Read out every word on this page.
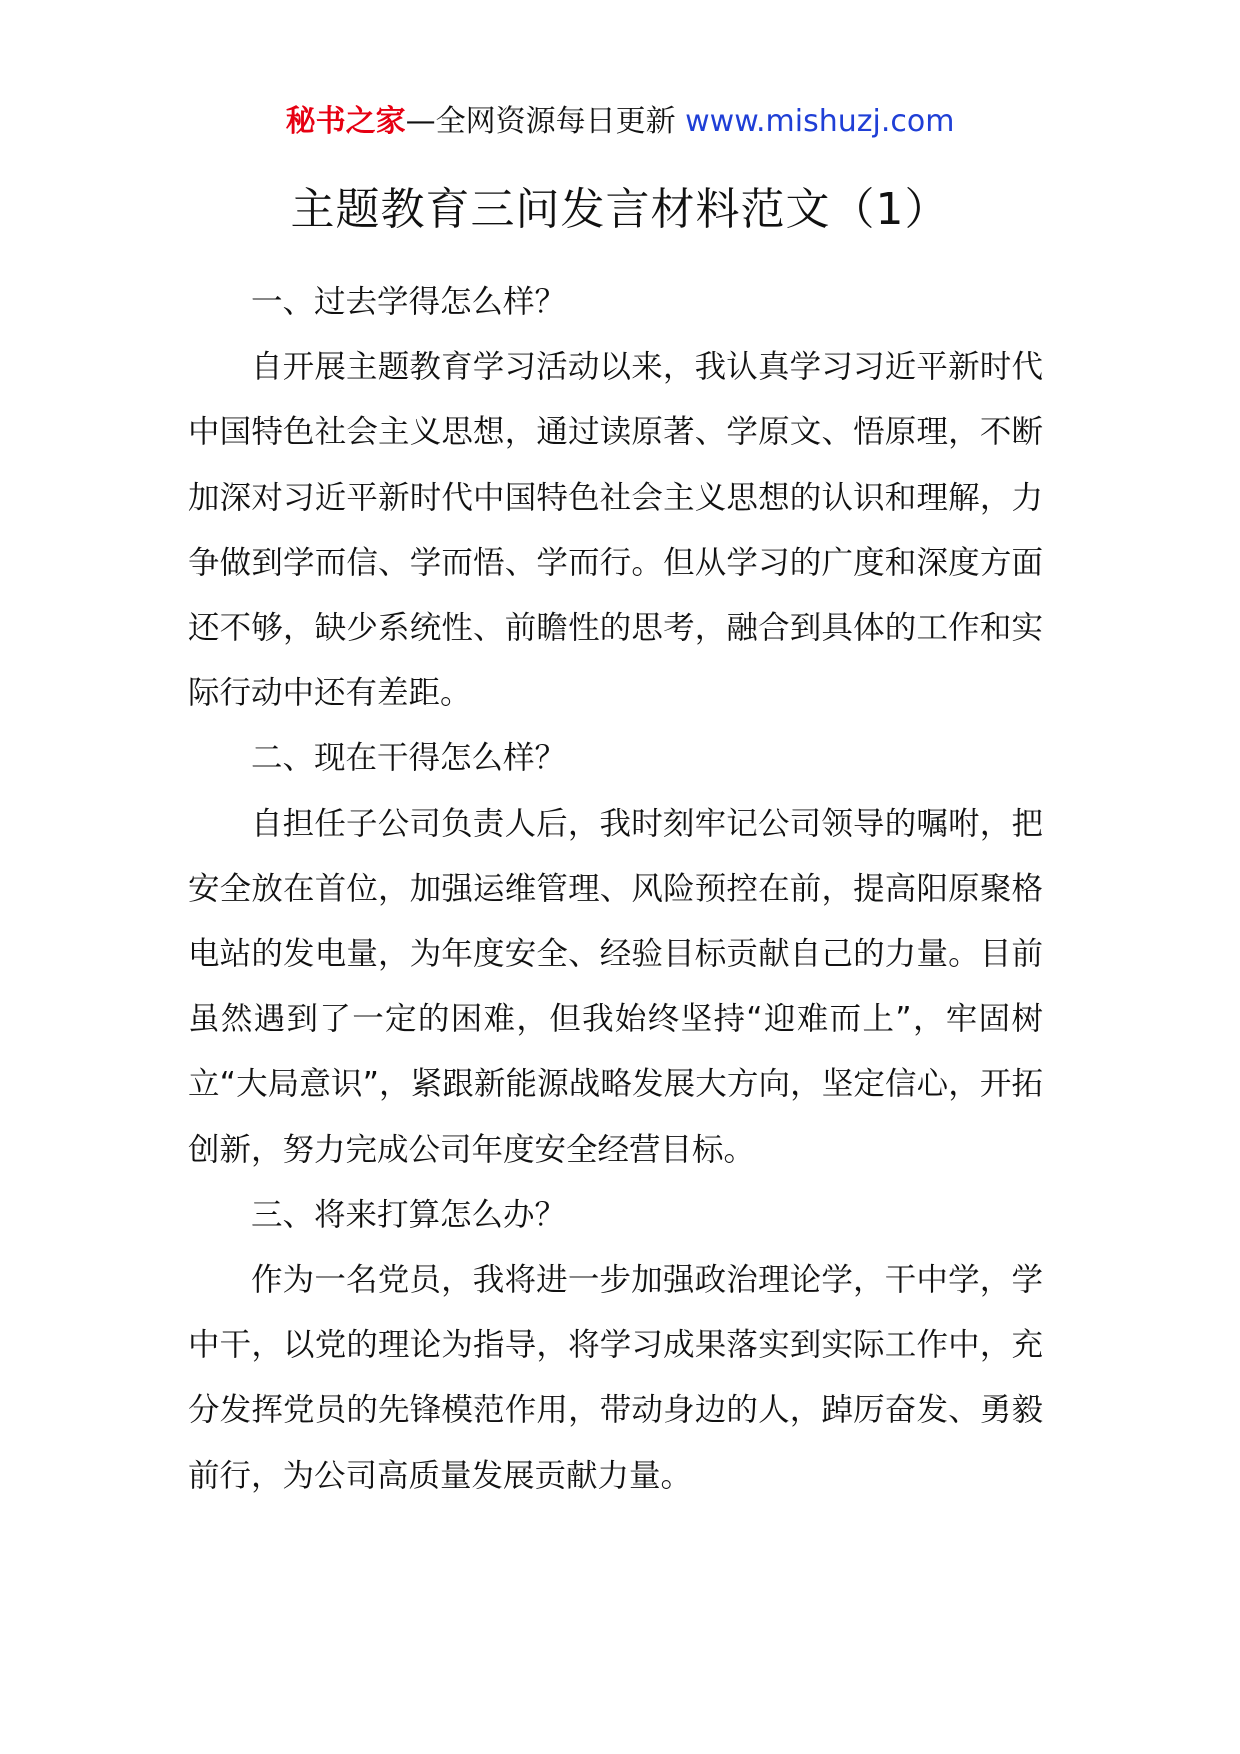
秘书之家—全网资源每日更新 www.mishuzj.com
主题教育三问发言材料范文（1）

一、过去学得怎么样？

自开展主题教育学习活动以来，我认真学习习近平新时代中国特色社会主义思想，通过读原著、学原文、悟原理，不断加深对习近平新时代中国特色社会主义思想的认识和理解，力争做到学而信、学而悟、学而行。但从学习的广度和深度方面还不够，缺少系统性、前瞻性的思考，融合到具体的工作和实际行动中还有差距。

二、现在干得怎么样？

自担任子公司负责人后，我时刻牢记公司领导的嘱咐，把安全放在首位，加强运维管理、风险预控在前，提高阳原聚格电站的发电量，为年度安全、经验目标贡献自己的力量。目前虽然遇到了一定的困难，但我始终坚持“迎难而上”，牢固树立“大局意识”，紧跟新能源战略发展大方向，坚定信心，开拓创新，努力完成公司年度安全经营目标。

三、将来打算怎么办？

作为一名党员，我将进一步加强政治理论学，干中学，学中干，以党的理论为指导，将学习成果落实到实际工作中，充分发挥党员的先锋模范作用，带动身边的人，踔厉奋发、勇毅前行，为公司高质量发展贡献力量。
